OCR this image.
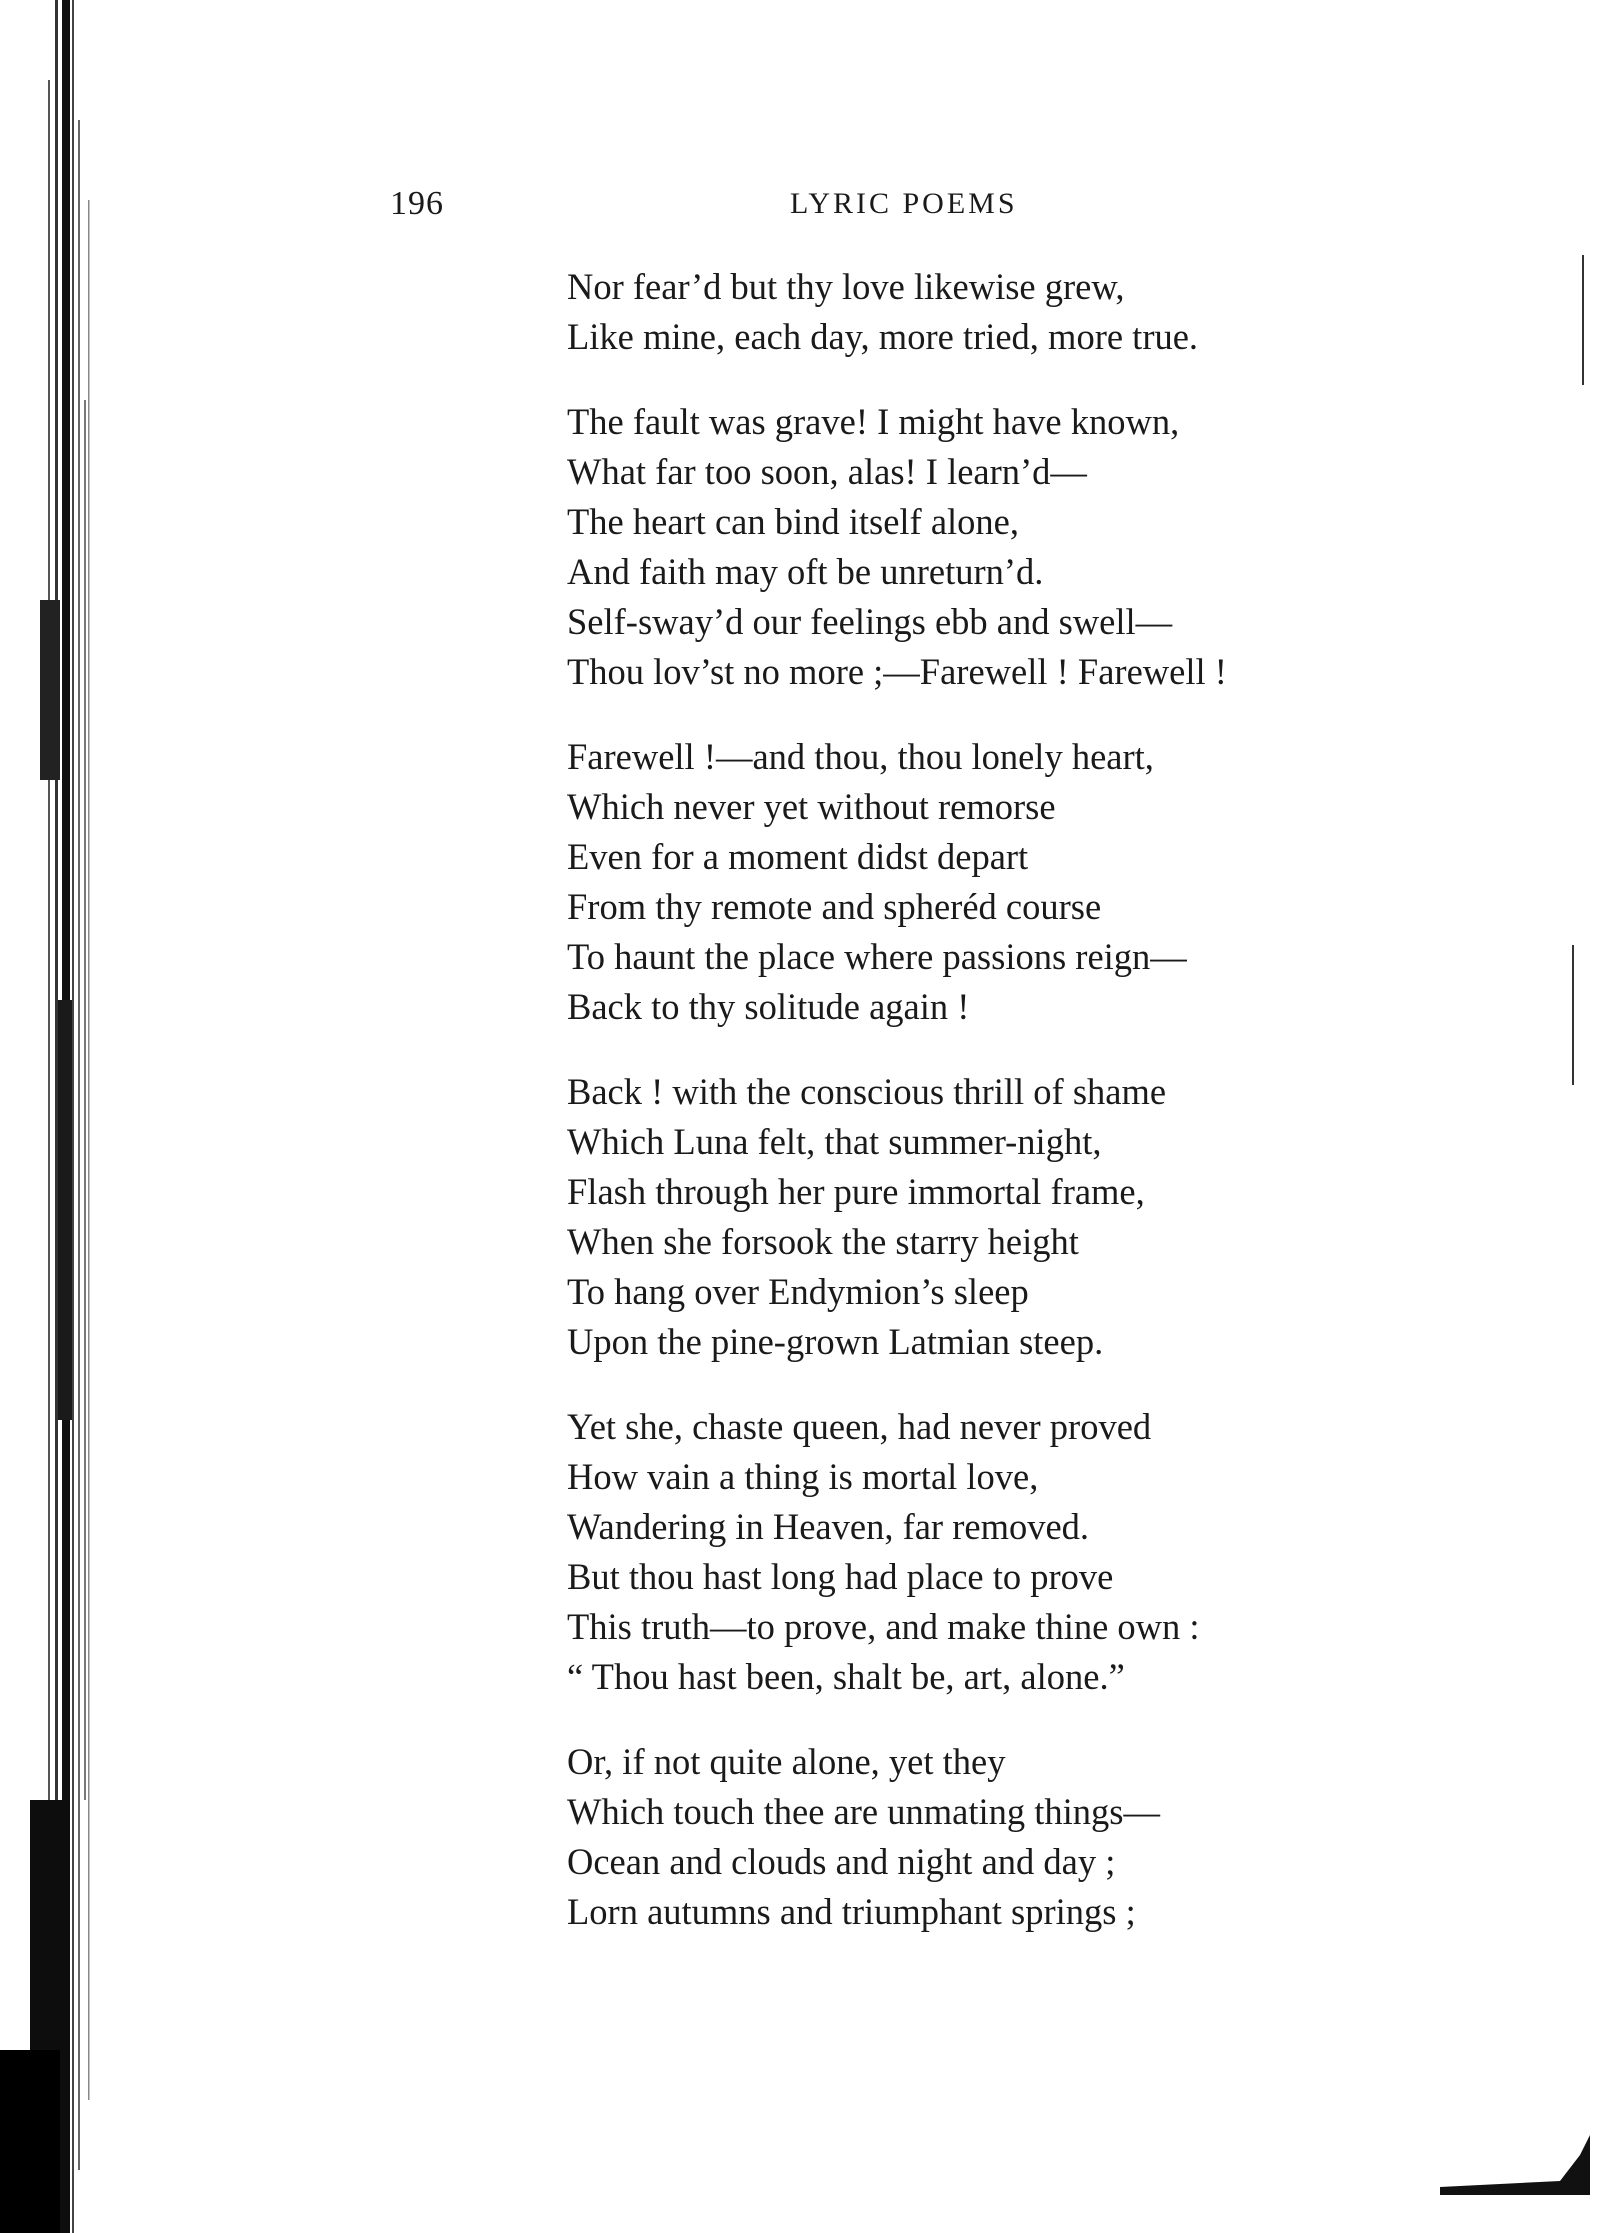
196	LYRIC POEMS
Nor fear’d but thy love likewise grew,
Like mine, each day, more tried, more true.
The fault was grave! I might have known,
What far too soon, alas! I learn’d—
The heart can bind itself alone,
And faith may oft be unreturn’d.
Self-sway’d our feelings ebb and swell—
Thou lov’st no more ;—Farewell ! Farewell !
Farewell !—and thou, thou lonely heart,
Which never yet without remorse
Even for a moment didst depart
From thy remote and spheréd course
To haunt the place where passions reign—
Back to thy solitude again !
Back ! with the conscious thrill of shame
Which Luna felt, that summer-night,
Flash through her pure immortal frame,
When she forsook the starry height
To hang over Endymion’s sleep
Upon the pine-grown Latmian steep.
Yet she, chaste queen, had never proved
How vain a thing is mortal love,
Wandering in Heaven, far removed.
But thou hast long had place to prove
This truth—to prove, and make thine own :
“ Thou hast been, shalt be, art, alone.”
Or, if not quite alone, yet they
Which touch thee are unmating things—
Ocean and clouds and night and day ;
Lorn autumns and triumphant springs ;
